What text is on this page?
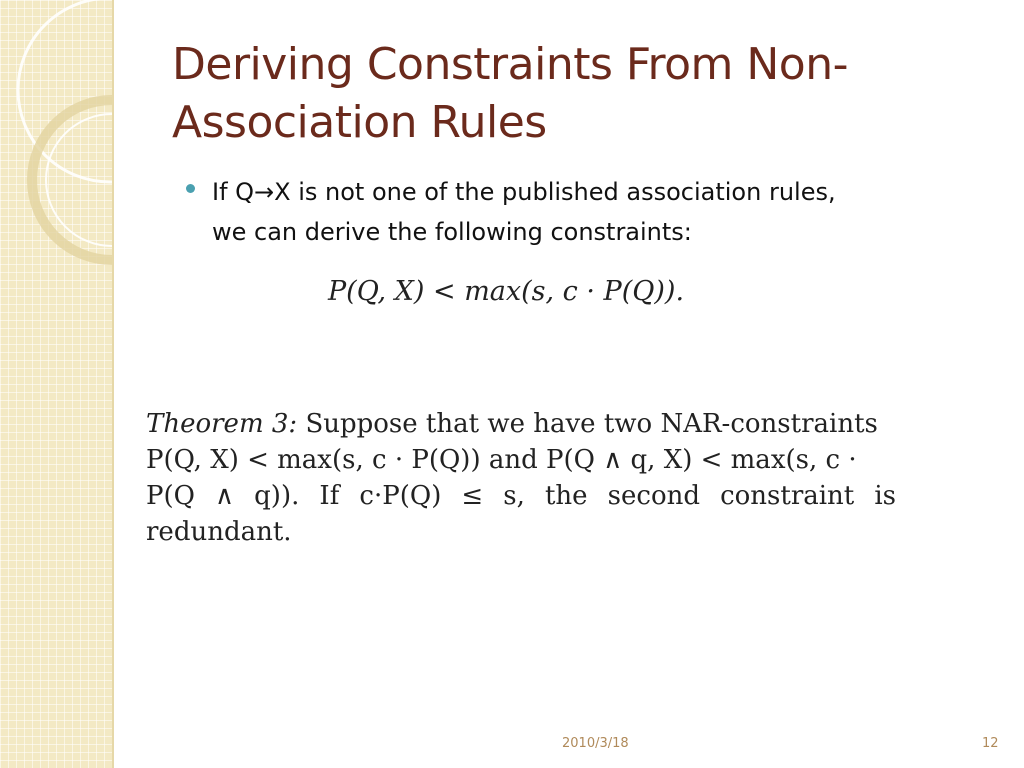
Deriving Constraints From Non-
Association Rules
If Q→X is not one of the published association rules,
we can derive the following constraints:
P(Q, X) < max(s, c · P(Q)).
Theorem 3: Suppose that we have two NAR-constraints
P(Q, X) < max(s, c · P(Q)) and P(Q ∧ q, X) < max(s, c ·
P(Q ∧ q)). If c·P(Q) ≤ s, the second constraint is redundant.
2010/3/18	12
